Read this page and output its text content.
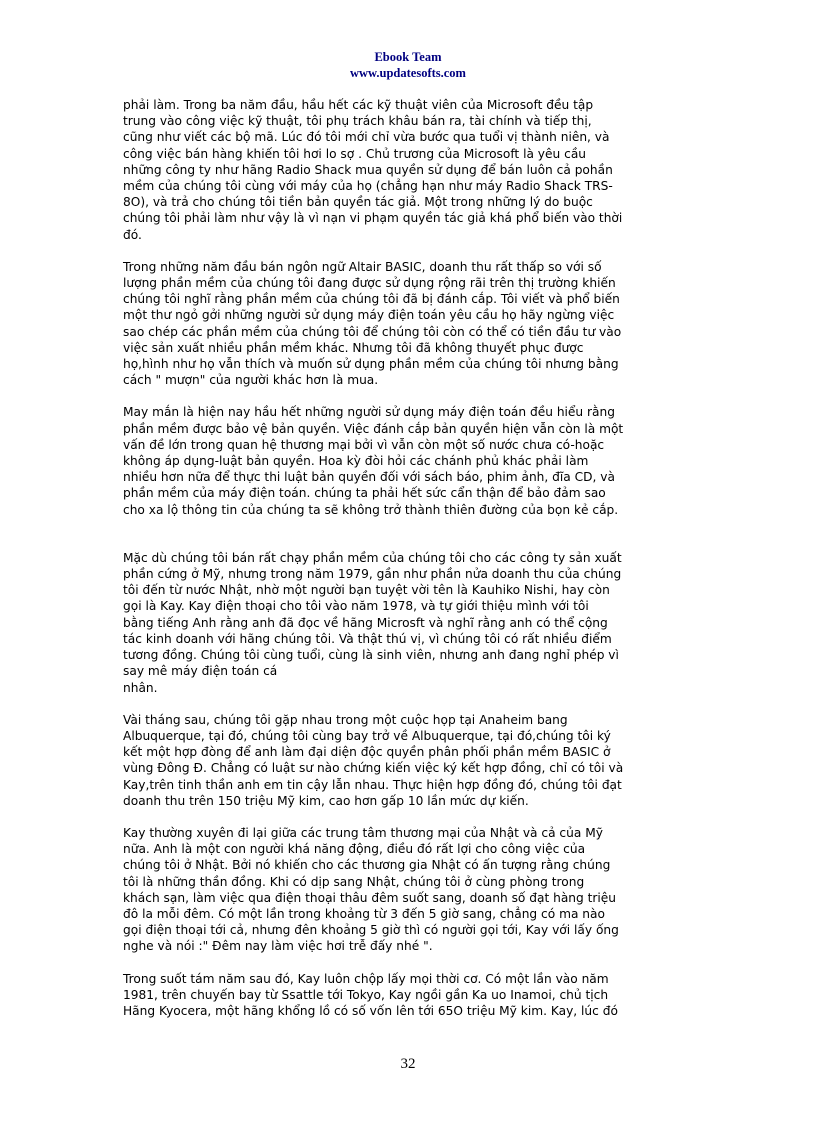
Ebook Team
www.updatesofts.com

phải làm. Trong ba năm đầu, hầu hết các kỹ thuật viên của Microsoft đều tập
trung vào công việc kỹ thuật, tôi phụ trách khâu bán ra, tài chính và tiếp thị,
cũng như viết các bộ mã. Lúc đó tôi mới chỉ vừa bước qua tuổi vị thành niên, và
công việc bán hàng khiến tôi hơi lo sợ . Chủ trương của Microsoft là yêu cầu
những công ty như hãng Radio Shack mua quyền sử dụng để bán luôn cả pohần
mềm của chúng tôi cùng với máy của họ (chẳng hạn như máy Radio Shack TRS-
8O), và trả cho chúng tôi tiền bản quyền tác giả. Một trong những lý do buộc
chúng tôi phải làm như vậy là vì nạn vi phạm quyền tác giả khá phổ biến vào thời
đó.

Trong những năm đầu bán ngôn ngữ Altair BASIC, doanh thu rất thấp so với số
lượng phần mềm của chúng tôi đang được sử dụng rộng rãi trên thị trường khiến
chúng tôi nghĩ rằng phần mềm của chúng tôi đã bị đánh cắp. Tôi viết và phổ biến
một thư ngỏ gởi những người sử dụng máy điện toán yêu cầu họ hãy ngừng việc
sao chép các phần mềm của chúng tôi để chúng tôi còn có thể có tiền đầu tư vào
việc sản xuất nhiều phần mềm khác. Nhưng tôi đã không thuyết phục được
họ,hình như họ vẫn thích và muốn sử dụng phần mềm của chúng tôi nhưng bằng
cách " mượn" của người khác hơn là mua.

May mắn là hiện nay hầu hết những người sử dụng máy điện toán đều hiểu rằng
phần mềm được bảo vệ bản quyền. Việc đánh cắp bản quyền hiện vẫn còn là một
vấn đề lớn trong quan hệ thương mại bởi vì vẫn còn một số nước chưa có-hoặc
không áp dụng-luật bản quyền. Hoa kỳ đòi hỏi các chánh phủ khác phải làm
nhiều hơn nữa để thực thi luật bản quyền đối với sách báo, phim ảnh, đĩa CD, và
phần mềm của máy điện toán. chúng ta phải hết sức cẩn thận để bảo đảm sao
cho xa lộ thông tin của chúng ta sẽ không trở thành thiên đường của bọn kẻ cắp.

Mặc dù chúng tôi bán rất chạy phần mềm của chúng tôi cho các công ty sản xuất
phần cứng ở Mỹ, nhưng trong năm 1979, gần như phần nửa doanh thu của chúng
tôi đến từ nước Nhật, nhờ một người bạn tuyệt vời tên là Kauhiko Nishi, hay còn
gọi là Kay. Kay điện thoại cho tôi vào năm 1978, và tự giới thiệu mình với tôi
bằng tiếng Anh rằng anh đã đọc về hãng Microsft và nghĩ rằng anh có thể cộng
tác kinh doanh với hãng chúng tôi. Và thật thú vị, vì chúng tôi có rất nhiều điểm
tương đồng. Chúng tôi cùng tuổi, cùng là sinh viên, nhưng anh đang nghỉ phép vì
say mê máy điện toán cá
nhân.

Vài tháng sau, chúng tôi gặp nhau trong một cuộc họp tại Anaheim bang
Albuquerque, tại đó, chúng tôi cùng bay trở về Albuquerque, tại đó,chúng tôi ký
kết một hợp đòng để anh làm đại diện độc quyền phân phối phần mềm BASIC ở
vùng Đông Đ. Chẳng có luật sư nào chứng kiến việc ký kết hợp đồng, chỉ có tôi và
Kay,trên tinh thần anh em tin cậy lẫn nhau. Thực hiện hợp đồng đó, chúng tôi đạt
doanh thu trên 150 triệu Mỹ kim, cao hơn gấp 10 lần mức dự kiến.

Kay thường xuyên đi lại giữa các trung tâm thương mại của Nhật và cả của Mỹ
nữa. Anh là một con người khá năng động, điều đó rất lợi cho công việc của
chúng tôi ở Nhật. Bởi nó khiến cho các thương gia Nhật có ấn tượng rằng chúng
tôi là những thần đồng. Khi có dịp sang Nhật, chúng tôi ở cùng phòng trong
khách sạn, làm việc qua điện thoại thâu đêm suốt sang, doanh số đạt hàng triệu
đô la mỗi đêm. Có một lần trong khoảng từ 3 đến 5 giờ sang, chẳng có ma nào
gọi điện thoại tới cả, nhưng đên khoảng 5 giờ thì có người gọi tới, Kay với lấy ống
nghe và nói :" Đêm nay làm việc hơi trễ đấy nhé ".

Trong suốt tám năm sau đó, Kay luôn chộp lấy mọi thời cơ. Có một lần vào năm
1981, trên chuyến bay từ Ssattle tới Tokyo, Kay ngồi gần Ka uo Inamoi, chủ tịch
Hãng Kyocera, một hãng khổng lồ có số vốn lên tới 65O triệu Mỹ kim. Kay, lúc đó

32
